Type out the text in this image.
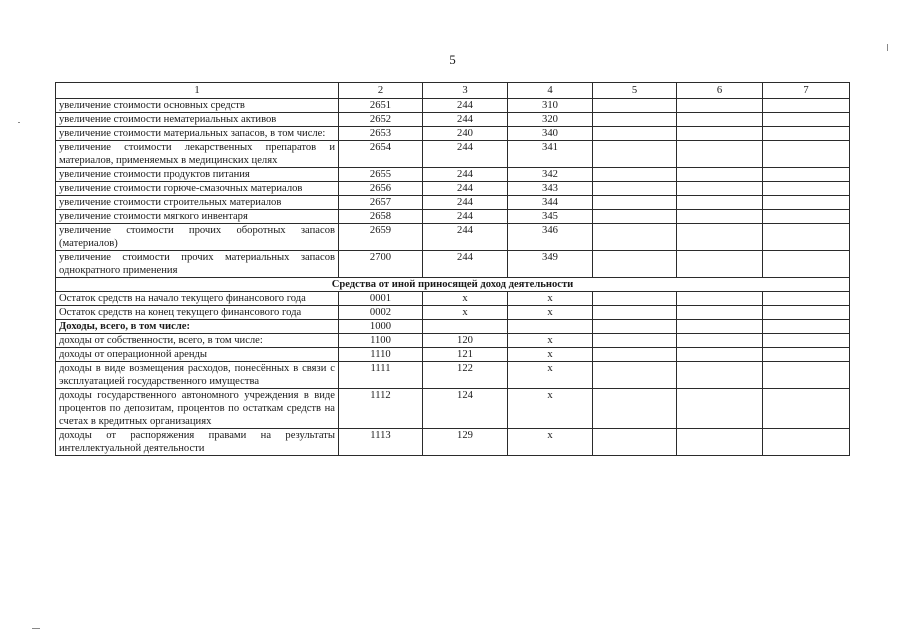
5
1	2	3	4	5	6	7
увеличение стоимости основных средств	2651	244	310			
увеличение стоимости нематериальных активов	2652	244	320			
увеличение стоимости материальных запасов, в том числе:	2653	240	340			
увеличение стоимости лекарственных препаратов и материалов, применяемых в медицинских целях	2654	244	341			
увеличение стоимости продуктов питания	2655	244	342			
увеличение стоимости горюче-смазочных материалов	2656	244	343			
увеличение стоимости строительных материалов	2657	244	344			
увеличение стоимости мягкого инвентаря	2658	244	345			
увеличение стоимости прочих оборотных запасов (материалов)	2659	244	346			
увеличение стоимости прочих материальных запасов однократного применения	2700	244	349			
Средства от иной приносящей доход деятельности						
Остаток средств на начало текущего финансового года	0001	x	x			
Остаток средств на конец текущего финансового года	0002	x	x			
Доходы, всего, в том числе:	1000					
доходы от собственности, всего, в том числе:	1100	120	x			
доходы от операционной аренды	1110	121	x			
доходы в виде возмещения расходов, понесённых в связи с эксплуатацией государственного имущества	1111	122	x			
доходы государственного автономного учреждения в виде процентов по депозитам, процентов по остаткам средств на счетах в кредитных организациях	1112	124	x			
доходы от распоряжения правами на результаты интеллектуальной деятельности	1113	129	x			
